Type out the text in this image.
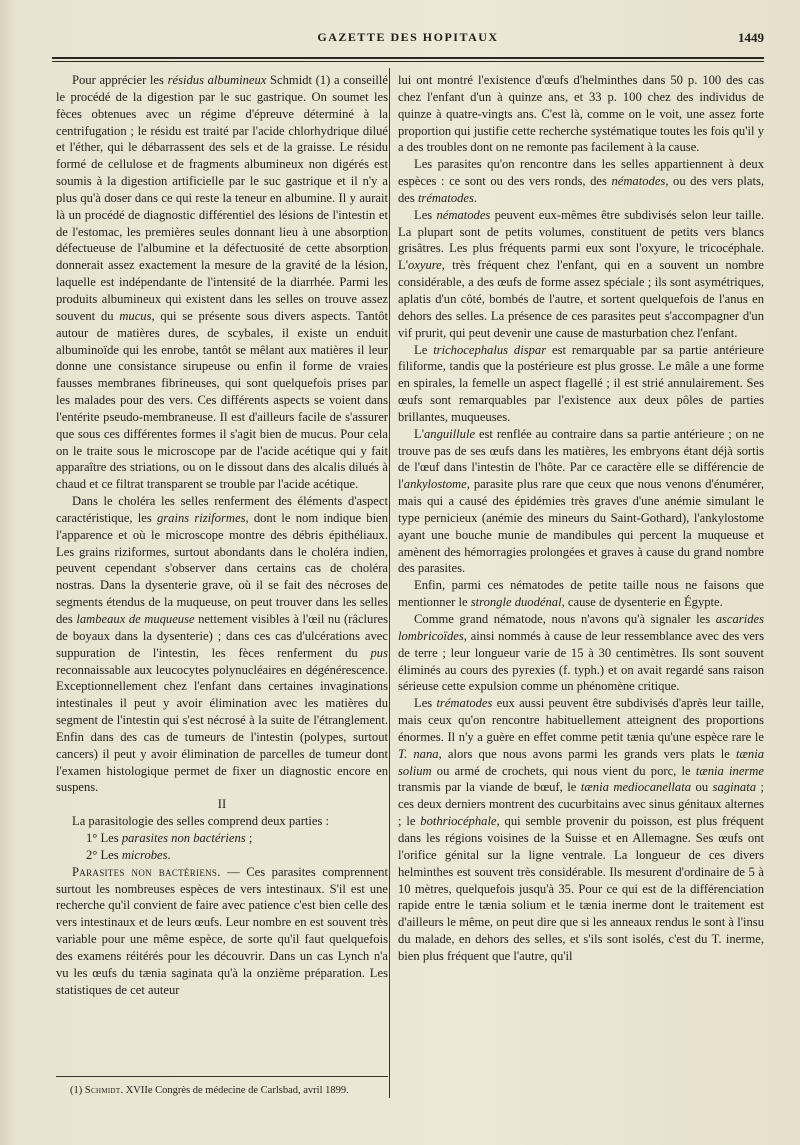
GAZETTE DES HOPITAUX	1449

Pour apprécier les résidus albumineux Schmidt (1) a conseillé le procédé de la digestion par le suc gastrique. On soumet les fèces obtenues avec un régime d'épreuve déterminé à la centrifugation ; le résidu est traité par l'acide chlorhydrique dilué et l'éther, qui le débarrassent des sels et de la graisse. Le résidu formé de cellulose et de fragments albumineux non digérés est soumis à la digestion artificielle par le suc gastrique et il n'y a plus qu'à doser dans ce qui reste la teneur en albumine. Il y aurait là un procédé de diagnostic différentiel des lésions de l'intestin et de l'estomac, les premières seules donnant lieu à une absorption défectueuse de l'albumine et la défectuosité de cette absorption donnerait assez exactement la mesure de la gravité de la lésion, laquelle est indépendante de l'intensité de la diarrhée. Parmi les produits albumineux qui existent dans les selles on trouve assez souvent du mucus, qui se présente sous divers aspects. Tantôt autour de matières dures, de scybales, il existe un enduit albuminoïde qui les enrobe, tantôt se mêlant aux matières il leur donne une consistance sirupeuse ou enfin il forme de vraies fausses membranes fibrineuses, qui sont quelquefois prises par les malades pour des vers. Ces différents aspects se voient dans l'entérite pseudo-membraneuse. Il est d'ailleurs facile de s'assurer que sous ces différentes formes il s'agit bien de mucus. Pour cela on le traite sous le microscope par de l'acide acétique qui y fait apparaître des striations, ou on le dissout dans des alcalis dilués à chaud et ce filtrat transparent se trouble par l'acide acétique.

Dans le choléra les selles renferment des éléments d'aspect caractéristique, les grains riziformes, dont le nom indique bien l'apparence et où le microscope montre des débris épithéliaux. Les grains riziformes, surtout abondants dans le choléra indien, peuvent cependant s'observer dans certains cas de choléra nostras. Dans la dysenterie grave, où il se fait des nécroses de segments étendus de la muqueuse, on peut trouver dans les selles des lambeaux de muqueuse nettement visibles à l'œil nu (râclures de boyaux dans la dysenterie) ; dans ces cas d'ulcérations avec suppuration de l'intestin, les fèces renferment du pus reconnaissable aux leucocytes polynucléaires en dégénérescence. Exceptionnellement chez l'enfant dans certaines invaginations intestinales il peut y avoir élimination avec les matières du segment de l'intestin qui s'est nécrosé à la suite de l'étranglement. Enfin dans des cas de tumeurs de l'intestin (polypes, surtout cancers) il peut y avoir élimination de parcelles de tumeur dont l'examen histologique permet de fixer un diagnostic encore en suspens.

II

La parasitologie des selles comprend deux parties :

1° Les parasites non bactériens ;

2° Les microbes.

Parasites non bactériens. — Ces parasites comprennent surtout les nombreuses espèces de vers intestinaux. S'il est une recherche qu'il convient de faire avec patience c'est bien celle des vers intestinaux et de leurs œufs. Leur nombre en est souvent très variable pour une même espèce, de sorte qu'il faut quelquefois des examens réitérés pour les découvrir. Dans un cas Lynch n'a vu les œufs du tænia saginata qu'à la onzième préparation. Les statistiques de cet auteur

lui ont montré l'existence d'œufs d'helminthes dans 50 p. 100 des cas chez l'enfant d'un à quinze ans, et 33 p. 100 chez des individus de quinze à quatre-vingts ans. C'est là, comme on le voit, une assez forte proportion qui justifie cette recherche systématique toutes les fois qu'il y a des troubles dont on ne remonte pas facilement à la cause.

Les parasites qu'on rencontre dans les selles appartiennent à deux espèces : ce sont ou des vers ronds, des nématodes, ou des vers plats, des trématodes.

Les nématodes peuvent eux-mêmes être subdivisés selon leur taille. La plupart sont de petits volumes, constituent de petits vers blancs grisâtres. Les plus fréquents parmi eux sont l'oxyure, le tricocéphale. L'oxyure, très fréquent chez l'enfant, qui en a souvent un nombre considérable, a des œufs de forme assez spéciale ; ils sont asymétriques, aplatis d'un côté, bombés de l'autre, et sortent quelquefois de l'anus en dehors des selles. La présence de ces parasites peut s'accompagner d'un vif prurit, qui peut devenir une cause de masturbation chez l'enfant.

Le trichocephalus dispar est remarquable par sa partie antérieure filiforme, tandis que la postérieure est plus grosse. Le mâle a une forme en spirales, la femelle un aspect flagellé ; il est strié annulairement. Ses œufs sont remarquables par l'existence aux deux pôles de parties brillantes, muqueuses.

L'anguillule est renflée au contraire dans sa partie antérieure ; on ne trouve pas de ses œufs dans les matières, les embryons étant déjà sortis de l'œuf dans l'intestin de l'hôte. Par ce caractère elle se différencie de l'ankylostome, parasite plus rare que ceux que nous venons d'énumérer, mais qui a causé des épidémies très graves d'une anémie simulant le type pernicieux (anémie des mineurs du Saint-Gothard), l'ankylostome ayant une bouche munie de mandibules qui percent la muqueuse et amènent des hémorragies prolongées et graves à cause du grand nombre des parasites.

Enfin, parmi ces nématodes de petite taille nous ne faisons que mentionner le strongle duodénal, cause de dysenterie en Égypte.

Comme grand nématode, nous n'avons qu'à signaler les ascarides lombricoïdes, ainsi nommés à cause de leur ressemblance avec des vers de terre ; leur longueur varie de 15 à 30 centimètres. Ils sont souvent éliminés au cours des pyrexies (f. typh.) et on avait regardé sans raison sérieuse cette expulsion comme un phénomène critique.

Les trématodes eux aussi peuvent être subdivisés d'après leur taille, mais ceux qu'on rencontre habituellement atteignent des proportions énormes. Il n'y a guère en effet comme petit tænia qu'une espèce rare le T. nana, alors que nous avons parmi les grands vers plats le tænia solium ou armé de crochets, qui nous vient du porc, le tænia inerme transmis par la viande de bœuf, le tænia mediocanellata ou saginata ; ces deux derniers montrent des cucurbitains avec sinus génitaux alternes ; le bothriocéphale, qui semble provenir du poisson, est plus fréquent dans les régions voisines de la Suisse et en Allemagne. Ses œufs ont l'orifice génital sur la ligne ventrale. La longueur de ces divers helminthes est souvent très considérable. Ils mesurent d'ordinaire de 5 à 10 mètres, quelquefois jusqu'à 35. Pour ce qui est de la différenciation rapide entre le tænia solium et le tænia inerme dont le traitement est d'ailleurs le même, on peut dire que si les anneaux rendus le sont à l'insu du malade, en dehors des selles, et s'ils sont isolés, c'est du T. inerme, bien plus fréquent que l'autre, qu'il

(1) Schmidt. XVIIe Congrès de médecine de Carlsbad, avril 1899.
